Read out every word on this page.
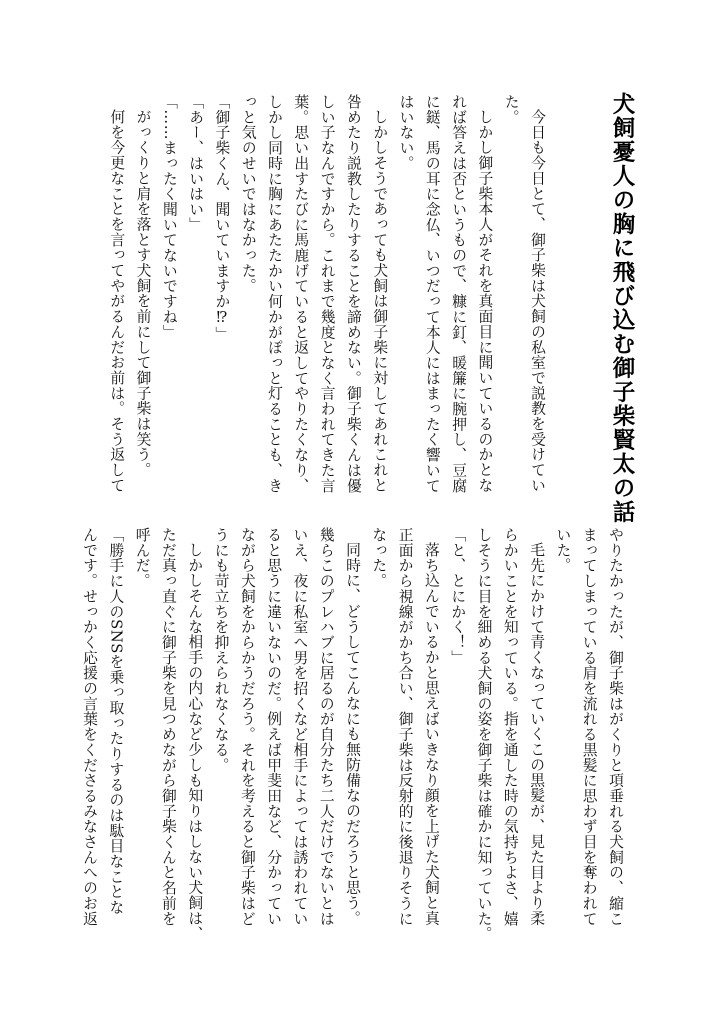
犬飼憂人の胸に飛び込む御子柴賢太の話
今日も今日とて、御子柴は犬飼の私室で説教を受けてい
た。
しかし御子柴本人がそれを真面目に聞いているのかとな
れば答えは否というもので、糠に釘、暖簾に腕押し、豆腐
に鎹、馬の耳に念仏、いつだって本人にはまったく響いて
はいない。
しかしそうであっても犬飼は御子柴に対してあれこれと
咎めたり説教したりすることを諦めない。御子柴くんは優
しい子なんですから。これまで幾度となく言われてきた言
葉。思い出すたびに馬鹿げていると返してやりたくなり、
しかし同時に胸にあたたかい何かがぽっと灯ることも、き
っと気のせいではなかった。
「御子柴くん、聞いていますか⁉」
「あー、はいはい」
「……まったく聞いてないですね」
がっくりと肩を落とす犬飼を前にして御子柴は笑う。
何を今更なことを言ってやがるんだお前は。そう返して
やりたかったが、御子柴はがくりと項垂れる犬飼の、縮こ
まってしまっている肩を流れる黒髪に思わず目を奪われて
いた。
毛先にかけて青くなっていくこの黒髪が、見た目より柔
らかいことを知っている。指を通した時の気持ちよさ、嬉
しそうに目を細める犬飼の姿を御子柴は確かに知っていた。
「と、とにかく！」
落ち込んでいるかと思えばいきなり顔を上げた犬飼と真
正面から視線がかち合い、御子柴は反射的に後退りそうに
なった。
同時に、どうしてこんなにも無防備なのだろうと思う。
幾らこのプレハブに居るのが自分たち二人だけでないとは
いえ、夜に私室へ男を招くなど相手によっては誘われてい
ると思うに違いないのだ。例えば甲斐田など、分かってい
ながら犬飼をからかうだろう。それを考えると御子柴はど
うにも苛立ちを抑えられなくなる。
しかしそんな相手の内心など少しも知りはしない犬飼は、
ただ真っ直ぐに御子柴を見つめながら御子柴くんと名前を
呼んだ。
「勝手に人のSNSを乗っ取ったりするのは駄目なことな
んです。せっかく応援の言葉をくださるみなさんへのお返
